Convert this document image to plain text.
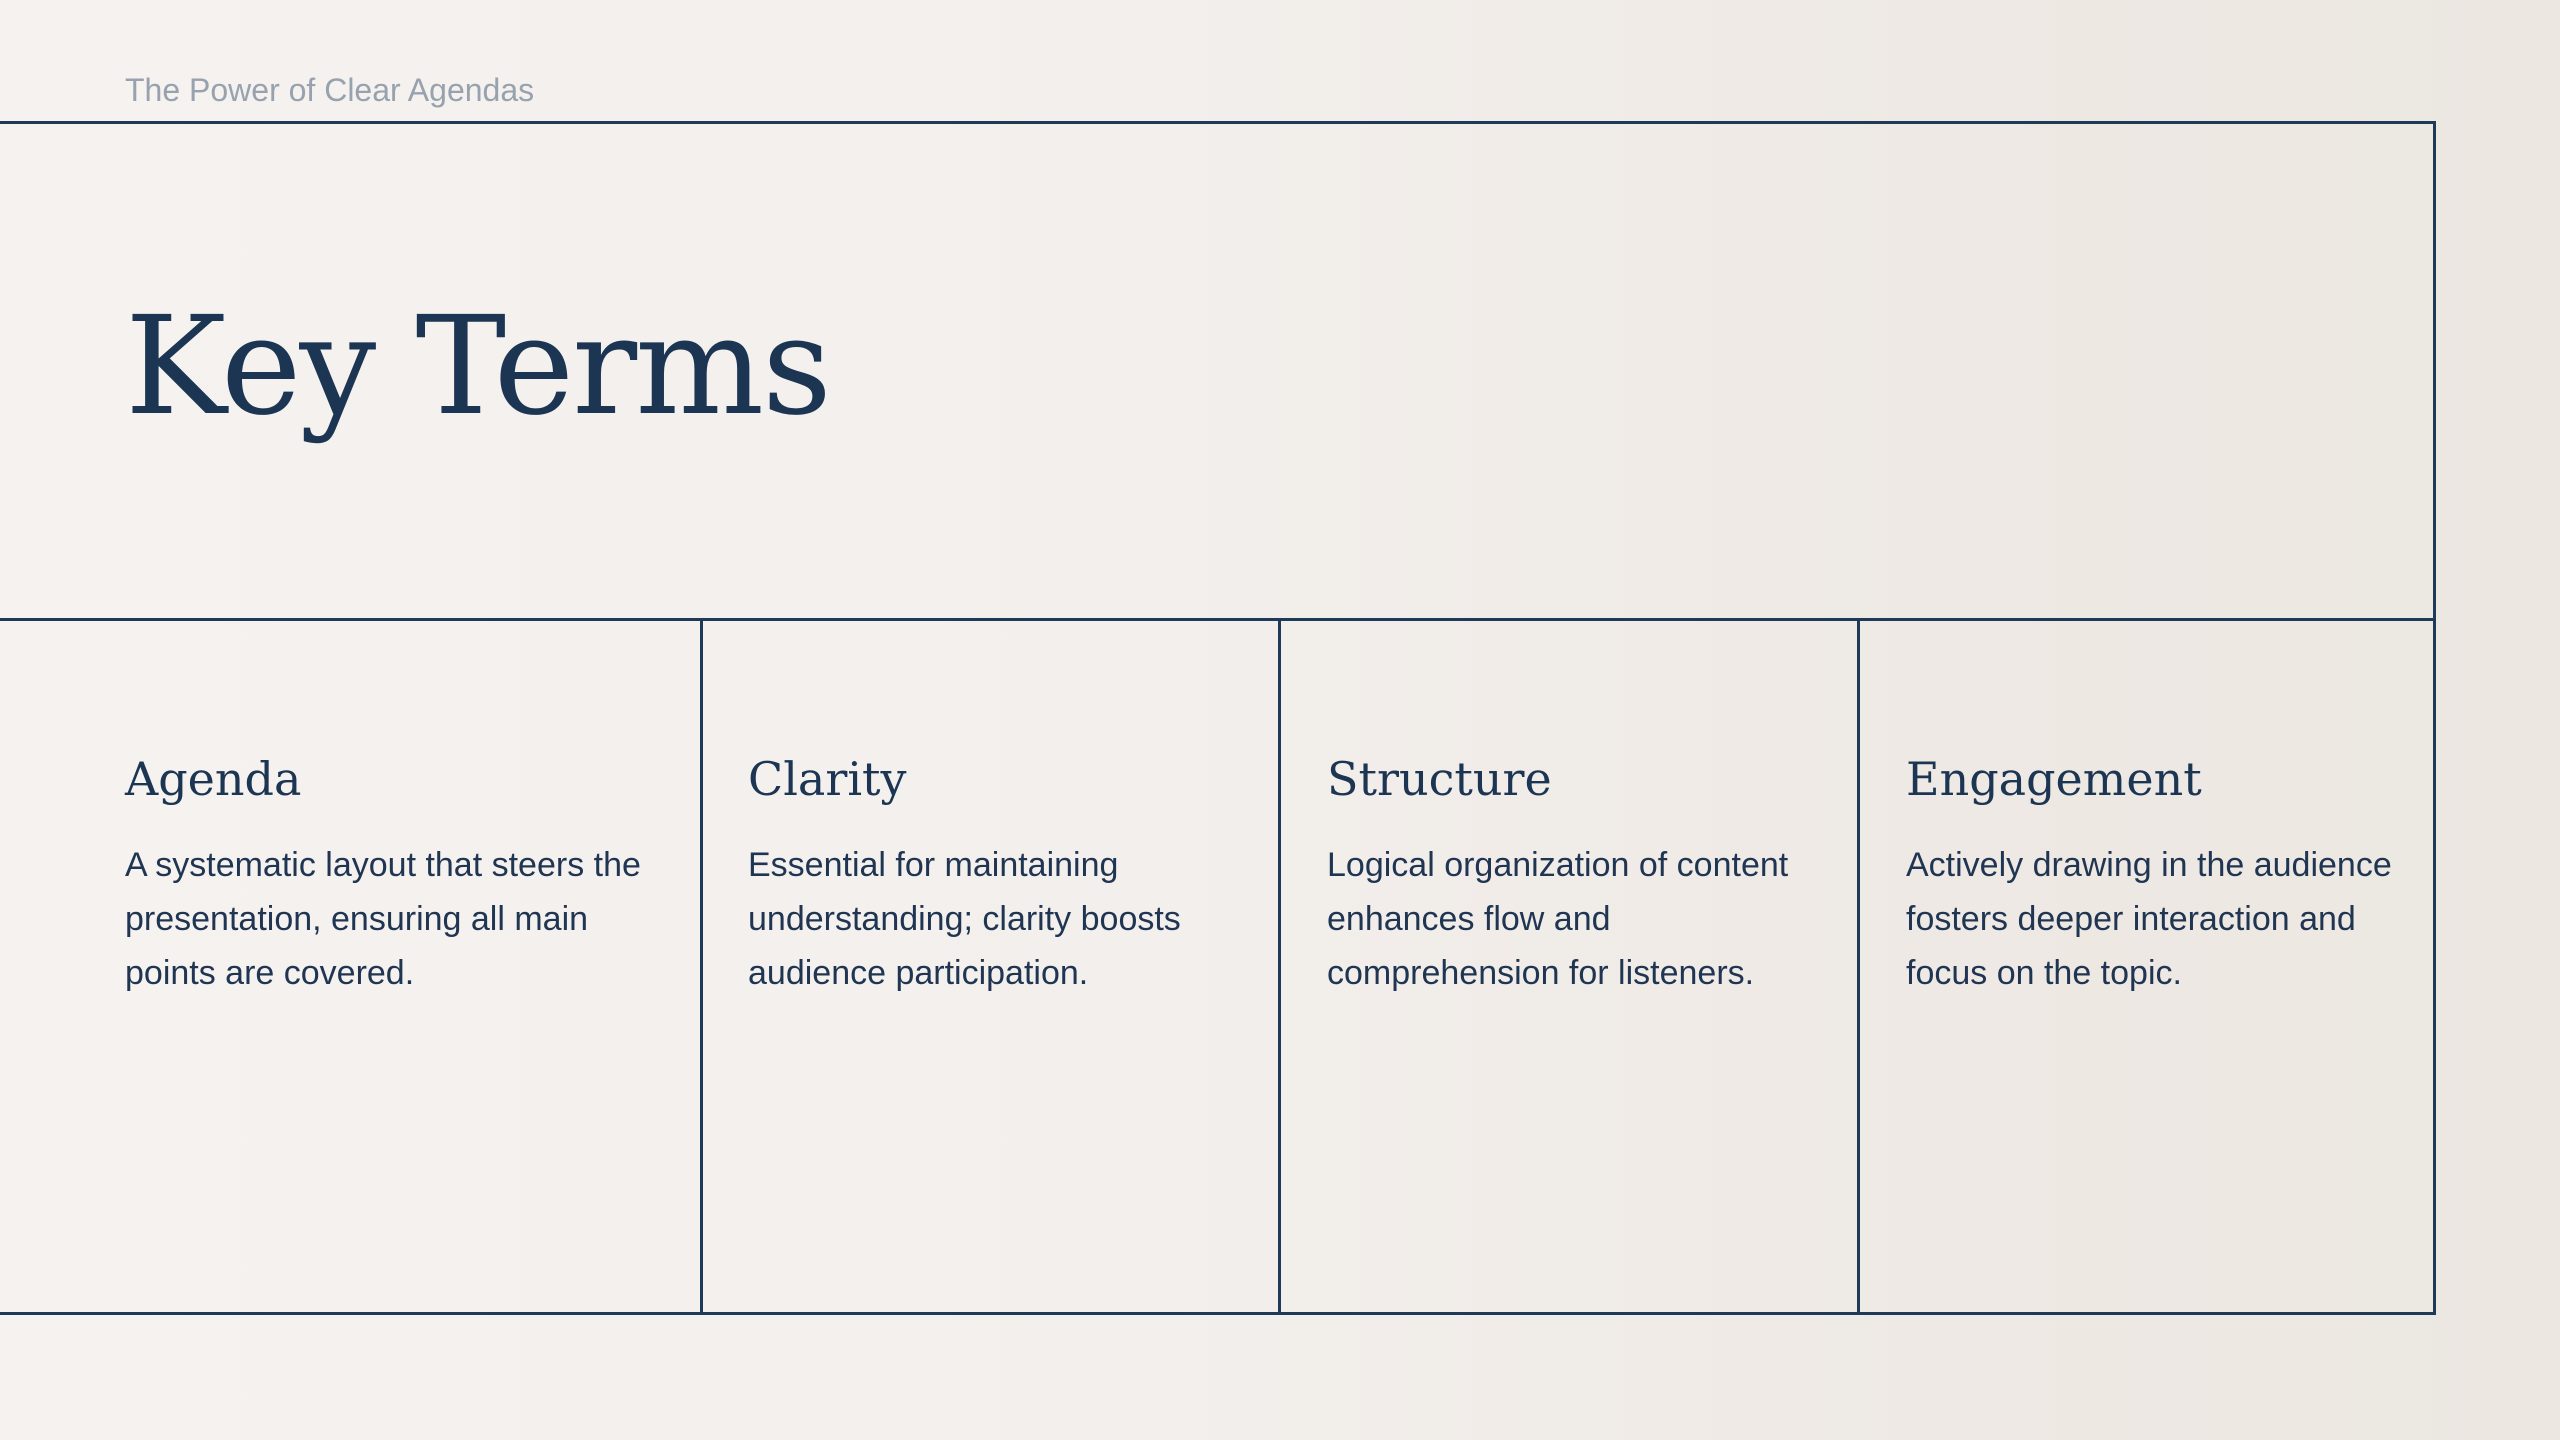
The Power of Clear Agendas

Key Terms
Agenda

A systematic layout that steers the presentation, ensuring all main points are covered.

Clarity

Essential for maintaining understanding; clarity boosts audience participation.

Structure

Logical organization of content enhances flow and comprehension for listeners.

Engagement

Actively drawing in the audience fosters deeper interaction and focus on the topic.
